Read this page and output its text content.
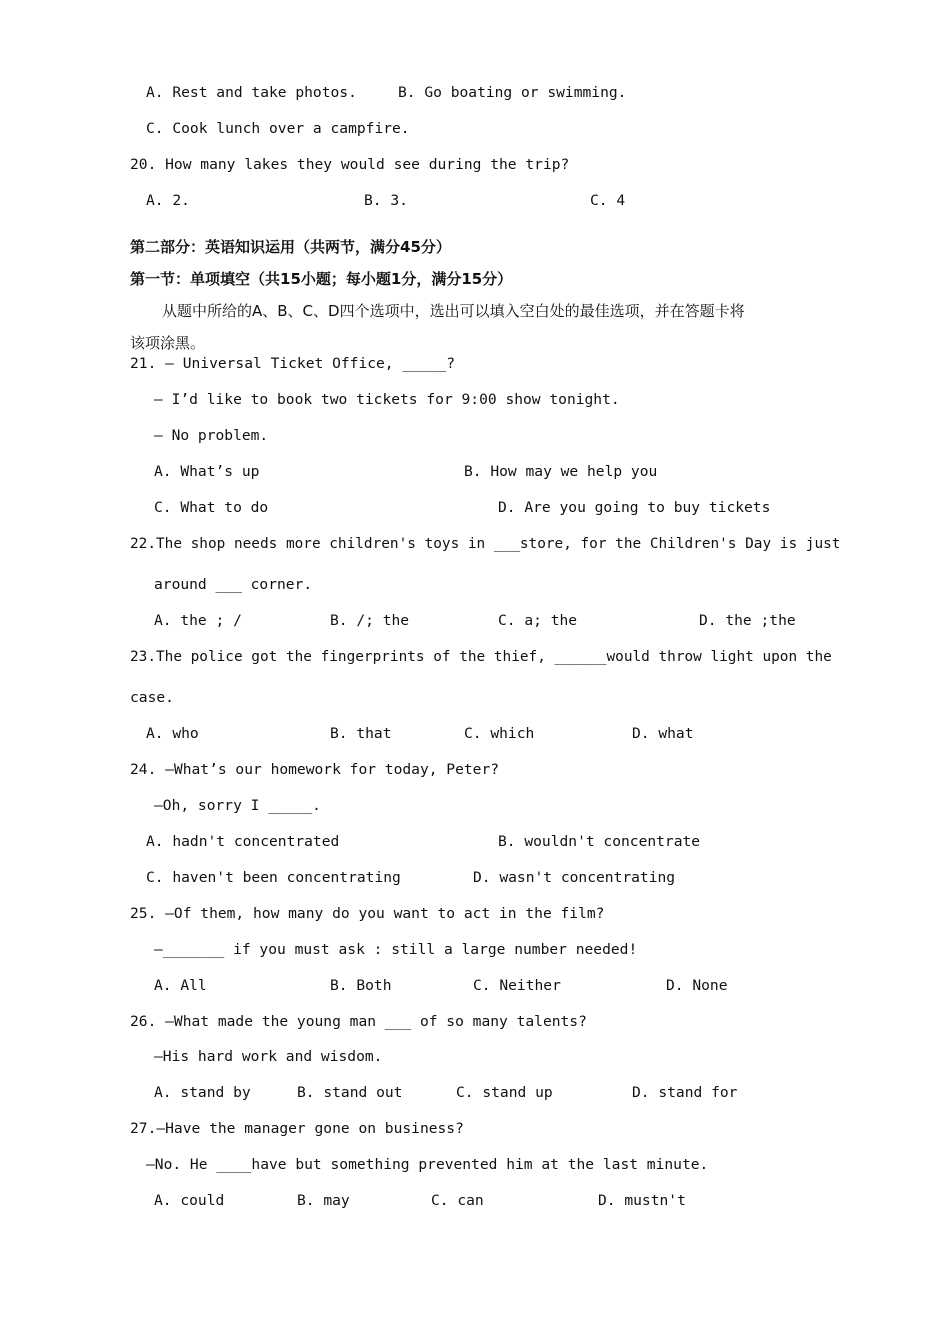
A. Rest and take photos.	B. Go boating or swimming.
C. Cook lunch over a campfire.
20. How many lakes they would see during the trip?
A. 2.	B. 3.	C. 4
第二部分：英语知识运用（共两节，满分45分）
第一节：单项填空（共15小题；每小题1分，满分15分）
从题中所给的A、B、C、D四个选项中，选出可以填入空白处的最佳选项，并在答题卡将
该项涂黑。
21. — Universal Ticket Office, _____?
— I’d like to book two tickets for 9:00 show tonight.
— No problem.
A. What’s up	B. How may we help you
C. What to do	D. Are you going to buy tickets
22.The shop needs more children's toys in ___store, for the Children's Day is just
around ___ corner.
A. the ; /	B. /; the	C. a; the	D. the ;the
23.The police got the fingerprints of the thief, ______would throw light upon the
case.
A. who	B. that	C. which	D. what
24. —What’s our homework for today, Peter?
—Oh, sorry I _____.
A. hadn't concentrated	B. wouldn't concentrate
C. haven't been concentrating	D. wasn't concentrating
25. —Of them, how many do you want to act in the film?
—_______ if you must ask : still a large number needed!
A. All	B. Both	C. Neither	D. None
26. —What made the young man ___ of so many talents?
—His hard work and wisdom.
A. stand by	B. stand out	C. stand up	D. stand for
27.—Have the manager gone on business?
—No. He ____have but something prevented him at the last minute.
A. could	B. may	C. can	D. mustn't
